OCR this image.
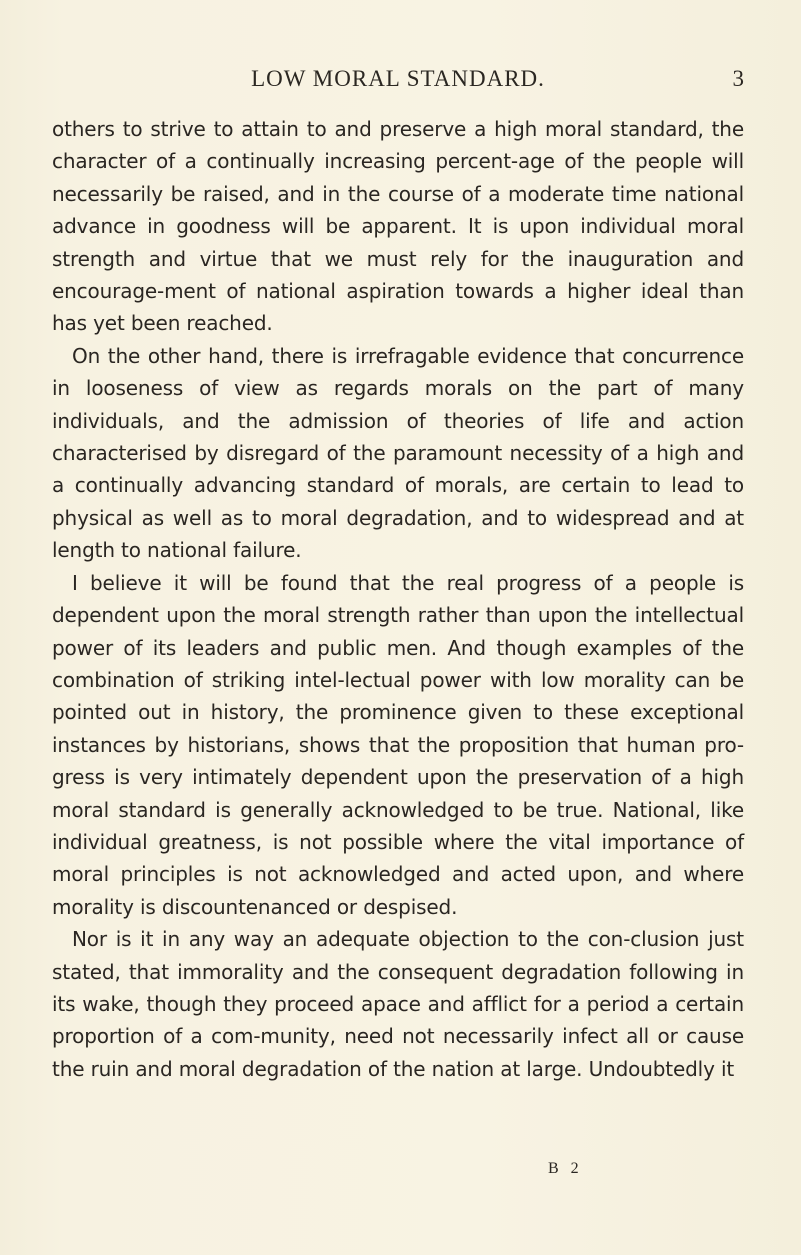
LOW MORAL STANDARD.	3

others to strive to attain to and preserve a high moral standard, the character of a continually increasing percent-age of the people will necessarily be raised, and in the course of a moderate time national advance in goodness will be apparent. It is upon individual moral strength and virtue that we must rely for the inauguration and encourage-ment of national aspiration towards a higher ideal than has yet been reached.

On the other hand, there is irrefragable evidence that concurrence in looseness of view as regards morals on the part of many individuals, and the admission of theories of life and action characterised by disregard of the paramount necessity of a high and a continually advancing standard of morals, are certain to lead to physical as well as to moral degradation, and to widespread and at length to national failure.

I believe it will be found that the real progress of a people is dependent upon the moral strength rather than upon the intellectual power of its leaders and public men. And though examples of the combination of striking intel-lectual power with low morality can be pointed out in history, the prominence given to these exceptional instances by historians, shows that the proposition that human pro-gress is very intimately dependent upon the preservation of a high moral standard is generally acknowledged to be true. National, like individual greatness, is not possible where the vital importance of moral principles is not acknowledged and acted upon, and where morality is discountenanced or despised.

Nor is it in any way an adequate objection to the con-clusion just stated, that immorality and the consequent degradation following in its wake, though they proceed apace and afflict for a period a certain proportion of a com-munity, need not necessarily infect all or cause the ruin and moral degradation of the nation at large. Undoubtedly it

B 2
